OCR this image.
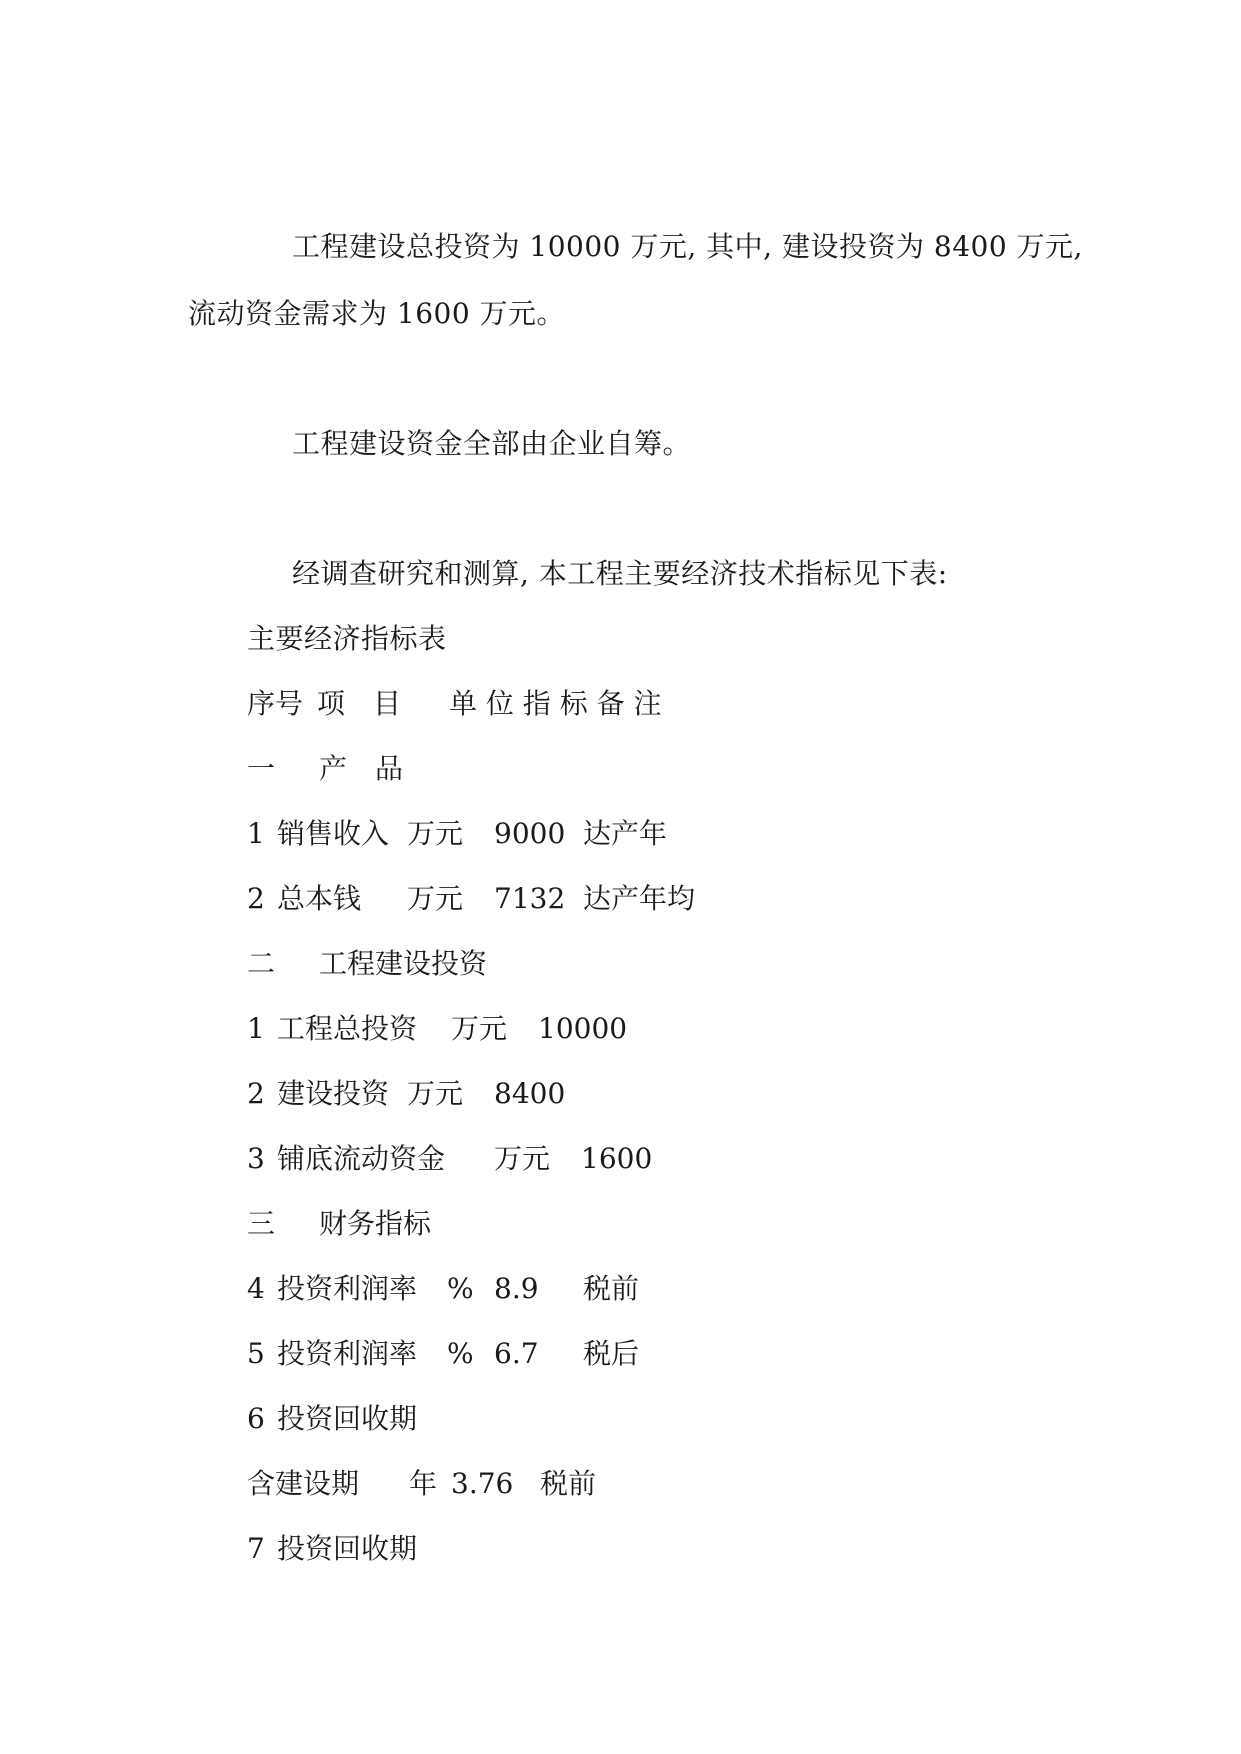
工程建设总投资为 10000 万元, 其中, 建设投资为 8400 万元,
流动资金需求为 1600 万元。
工程建设资金全部由企业自筹。
经调查研究和测算, 本工程主要经济技术指标见下表:
主要经济指标表
序号 项　目 单 位 指 标 备 注
一 产　品
1 销售收入 万元 9000 达产年
2 总本钱 万元 7132 达产年均
二 工程建设投资
1 工程总投资 万元 10000
2 建设投资 万元 8400
3 铺底流动资金 万元 1600
三 财务指标
4 投资利润率 % 8.9 税前
5 投资利润率 % 6.7 税后
6 投资回收期
含建设期 年 3.76 税前
7 投资回收期
